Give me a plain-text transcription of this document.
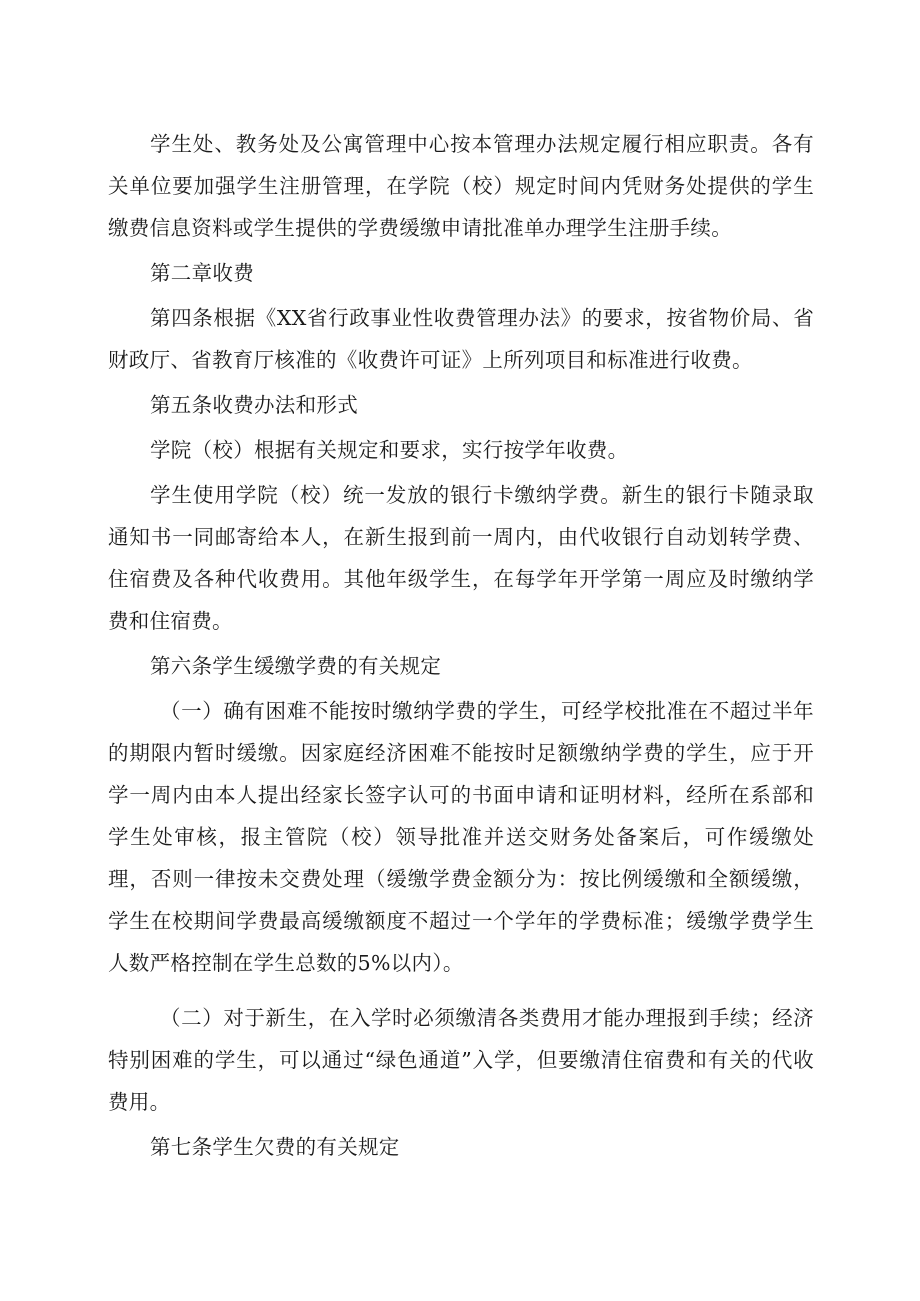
学生处、教务处及公寓管理中心按本管理办法规定履行相应职责。各有关单位要加强学生注册管理，在学院（校）规定时间内凭财务处提供的学生缴费信息资料或学生提供的学费缓缴申请批准单办理学生注册手续。

第二章收费

第四条根据《XX省行政事业性收费管理办法》的要求，按省物价局、省财政厅、省教育厅核准的《收费许可证》上所列项目和标准进行收费。

第五条收费办法和形式

学院（校）根据有关规定和要求，实行按学年收费。

学生使用学院（校）统一发放的银行卡缴纳学费。新生的银行卡随录取通知书一同邮寄给本人，在新生报到前一周内，由代收银行自动划转学费、住宿费及各种代收费用。其他年级学生，在每学年开学第一周应及时缴纳学费和住宿费。

第六条学生缓缴学费的有关规定

（一）确有困难不能按时缴纳学费的学生，可经学校批准在不超过半年的期限内暂时缓缴。因家庭经济困难不能按时足额缴纳学费的学生，应于开学一周内由本人提出经家长签字认可的书面申请和证明材料，经所在系部和学生处审核，报主管院（校）领导批准并送交财务处备案后，可作缓缴处理，否则一律按未交费处理（缓缴学费金额分为：按比例缓缴和全额缓缴，学生在校期间学费最高缓缴额度不超过一个学年的学费标准；缓缴学费学生人数严格控制在学生总数的5%以内）。

（二）对于新生，在入学时必须缴清各类费用才能办理报到手续；经济特别困难的学生，可以通过“绿色通道”入学，但要缴清住宿费和有关的代收费用。

第七条学生欠费的有关规定
